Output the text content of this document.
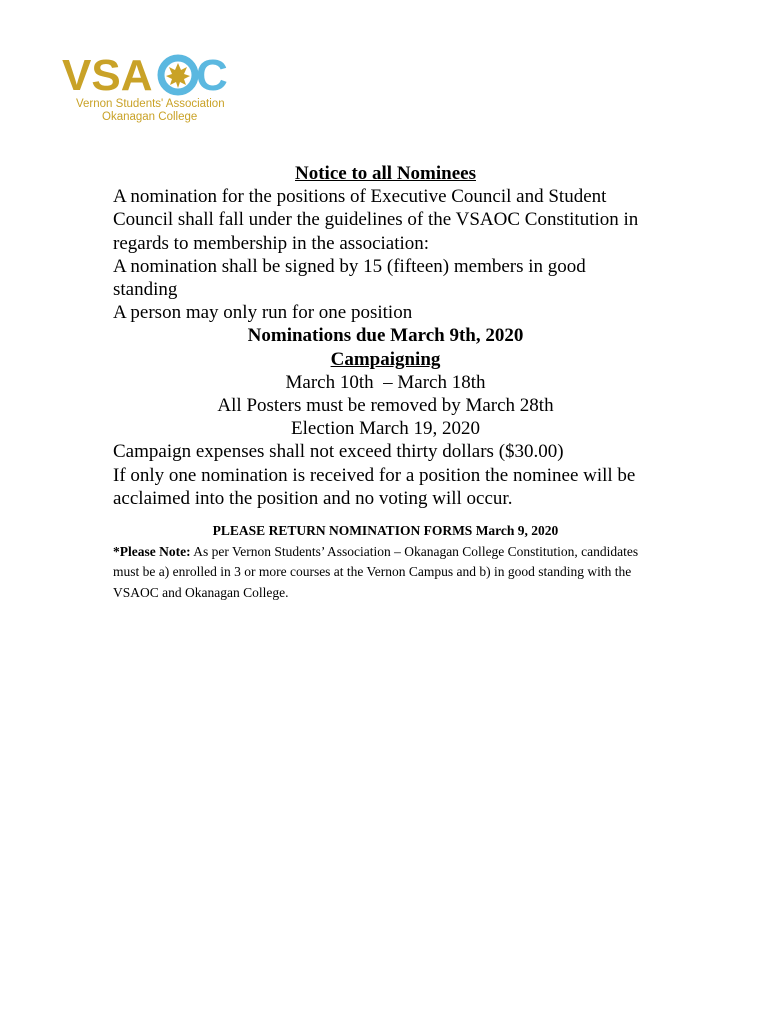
VSA C
Vernon Students' Association
Okanagan College

Notice to all Nominees

A nomination for the positions of Executive Council and Student Council shall fall under the guidelines of the VSAOC Constitution in regards to membership in the association:

A nomination shall be signed by 15 (fifteen) members in good standing

A person may only run for one position

Nominations due March 9th, 2020

Campaigning

March 10th  – March 18th

All Posters must be removed by March 28th

Election March 19, 2020

Campaign expenses shall not exceed thirty dollars ($30.00)

If only one nomination is received for a position the nominee will be acclaimed into the position and no voting will occur.

PLEASE RETURN NOMINATION FORMS March 9, 2020

*Please Note: As per Vernon Students’ Association – Okanagan College Constitution, candidates must be a) enrolled in 3 or more courses at the Vernon Campus and b) in good standing with the VSAOC and Okanagan College.
